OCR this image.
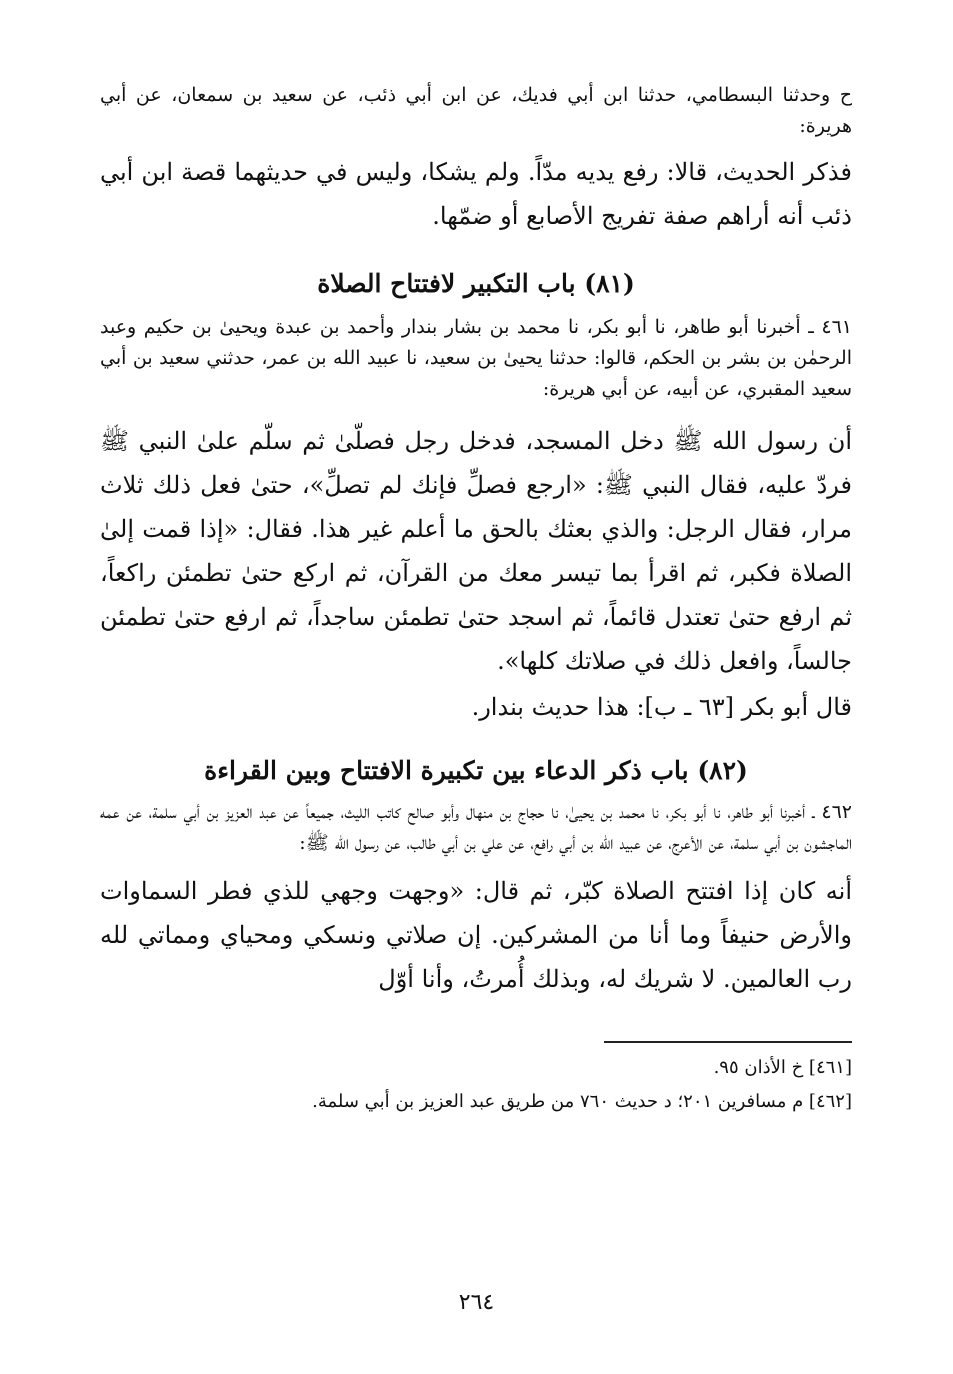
ح وحدثنا البسطامي، حدثنا ابن أبي فديك، عن ابن أبي ذئب، عن سعيد بن سمعان، عن أبي هريرة:

فذكر الحديث، قالا: رفع يديه مدّاً. ولم يشكا، وليس في حديثهما قصة ابن أبي ذئب أنه أراهم صفة تفريج الأصابع أو ضمّها.

(٨١) باب التكبير لافتتاح الصلاة

٤٦١ ـ أخبرنا أبو طاهر، نا أبو بكر، نا محمد بن بشار بندار وأحمد بن عبدة ويحيىٰ بن حكيم وعبد الرحمٰن بن بشر بن الحكم، قالوا: حدثنا يحيىٰ بن سعيد، نا عبيد الله بن عمر، حدثني سعيد بن أبي سعيد المقبري، عن أبيه، عن أبي هريرة:

أن رسول الله ﷺ دخل المسجد، فدخل رجل فصلّىٰ ثم سلّم علىٰ النبي ﷺ فردّ عليه، فقال النبي ﷺ: «ارجع فصلِّ فإنك لم تصلِّ»، حتىٰ فعل ذلك ثلاث مرار، فقال الرجل: والذي بعثك بالحق ما أعلم غير هذا. فقال: «إذا قمت إلىٰ الصلاة فكبر، ثم اقرأ بما تيسر معك من القرآن، ثم اركع حتىٰ تطمئن راكعاً، ثم ارفع حتىٰ تعتدل قائماً، ثم اسجد حتىٰ تطمئن ساجداً، ثم ارفع حتىٰ تطمئن جالساً، وافعل ذلك في صلاتك كلها».

قال أبو بكر [٦٣ ـ ب]: هذا حديث بندار.

(٨٢) باب ذكر الدعاء بين تكبيرة الافتتاح وبين القراءة

٤٦٢ ـ أخبرنا أبو طاهر، نا أبو بكر، نا محمد بن يحيىٰ، نا حجاج بن منهال وأبو صالح كاتب الليث، جميعاً عن عبد العزيز بن أبي سلمة، عن عمه الماجشون بن أبي سلمة، عن الأعرج، عن عبيد الله بن أبي رافع، عن علي بن أبي طالب، عن رسول الله ﷺ:

أنه كان إذا افتتح الصلاة كبّر، ثم قال: «وجهت وجهي للذي فطر السماوات والأرض حنيفاً وما أنا من المشركين. إن صلاتي ونسكي ومحياي ومماتي لله رب العالمين. لا شريك له، وبذلك أُمرتُ، وأنا أوّل

[٤٦١] خ الأذان ٩٥.

[٤٦٢] م مسافرين ٢٠١؛ د حديث ٧٦٠ من طريق عبد العزيز بن أبي سلمة.

٢٦٤
